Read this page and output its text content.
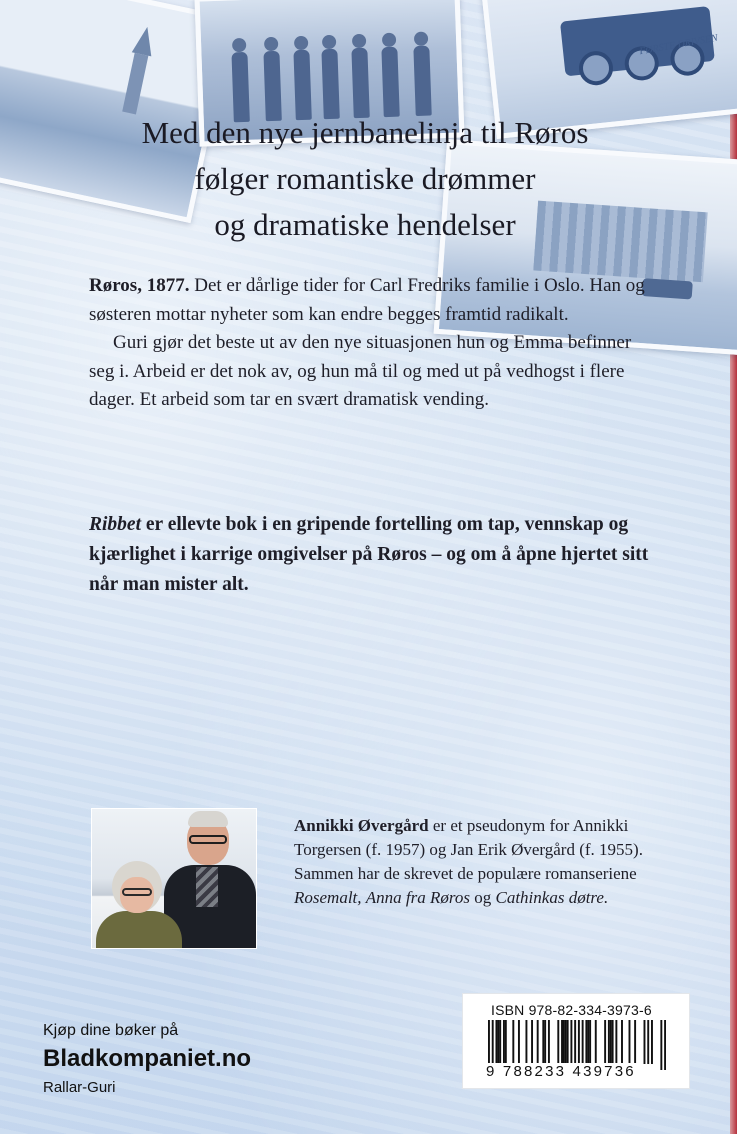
FØRSTE DRIVSEN
Med den nye jernbanelinja til Røros
følger romantiske drømmer
og dramatiske hendelser

Røros, 1877. Det er dårlige tider for Carl Fredriks familie i Oslo. Han og søsteren mottar nyheter som kan endre begges framtid radikalt.

Guri gjør det beste ut av den nye situasjonen hun og Emma befinner seg i. Arbeid er det nok av, og hun må til og med ut på vedhogst i flere dager. Et arbeid som tar en svært dramatisk vending.

Ribbet er ellevte bok i en gripende fortelling om tap, vennskap og kjærlighet i karrige omgivelser på Røros – og om å åpne hjertet sitt når man mister alt.
Annikki Øvergård er et pseudonym for Annikki Torgersen (f. 1957) og Jan Erik Øvergård (f. 1955). Sammen har de skrevet de populære romanseriene Rosemalt, Anna fra Røros og Cathinkas døtre.
Kjøp dine bøker på
Bladkompaniet.no
Rallar-Guri
ISBN 978-82-334-3973-6
9 788233 439736
